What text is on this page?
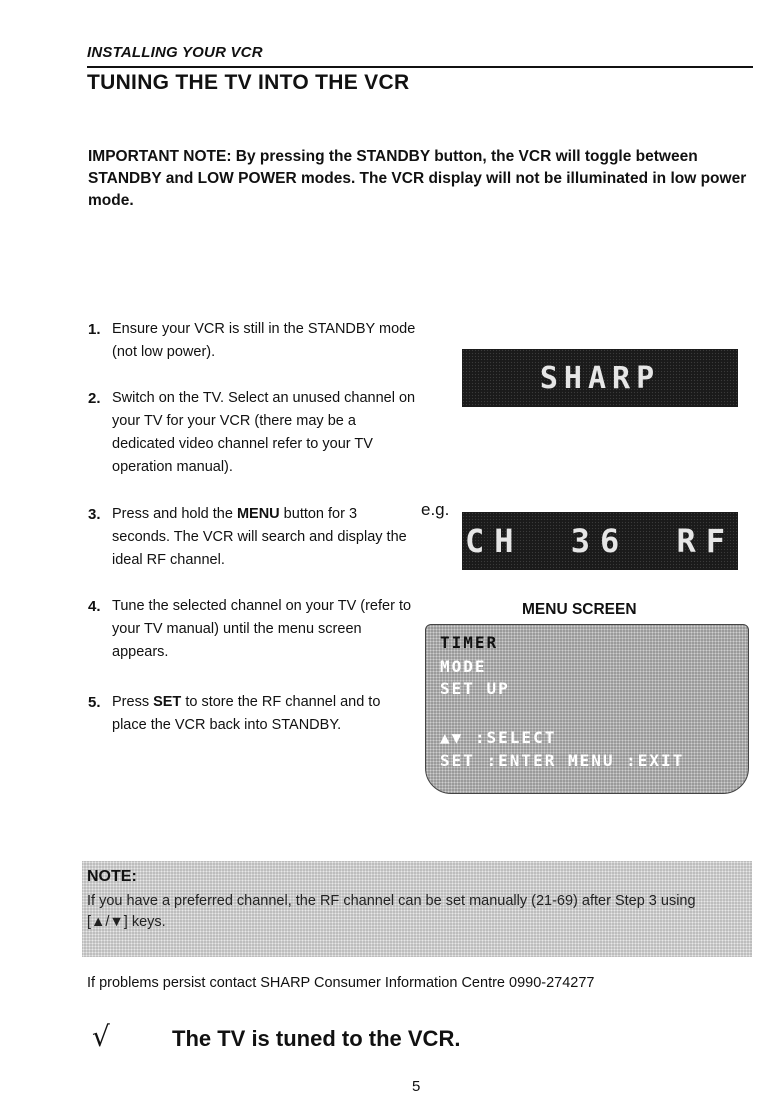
INSTALLING YOUR VCR
TUNING THE TV INTO THE VCR
IMPORTANT NOTE: By pressing the STANDBY button, the VCR will toggle between STANDBY and LOW POWER modes. The VCR display will not be illuminated in low power mode.
1. Ensure your VCR is still in the STANDBY mode (not low power).
2. Switch on the TV. Select an unused channel on your TV for your VCR (there may be a dedicated video channel refer to your TV operation manual).
3. Press and hold the MENU button for 3 seconds. The VCR will search and display the ideal RF channel.
4. Tune the selected channel on your TV (refer to your TV manual) until the menu screen appears.
5. Press SET to store the RF channel and to place the VCR back into STANDBY.
SHARP
e.g.
CH 36 RF
MENU SCREEN
TIMER
MODE
SET UP
▲▼ :SELECT
SET :ENTER MENU :EXIT
NOTE:
If you have a preferred channel, the RF channel can be set manually (21-69) after Step 3 using [▲/▼] keys.
If problems persist contact SHARP Consumer Information Centre 0990-274277
√	The TV is tuned to the VCR.
5
